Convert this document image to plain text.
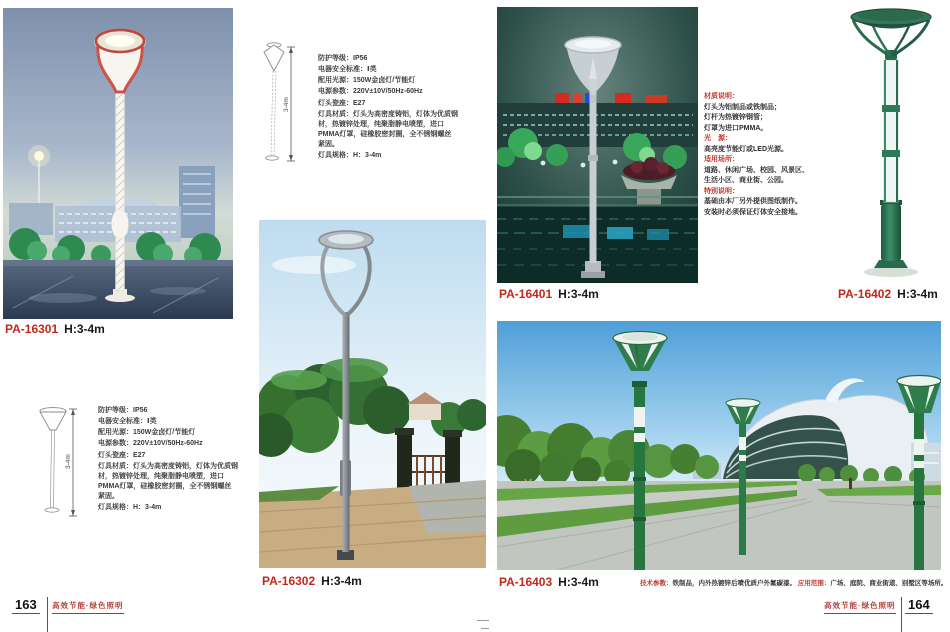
PA-16301 H:3-4m
3-4m
防护等级：IP56
电器安全标准：Ⅰ类
配用光源：150W金卤灯/节能灯
电源参数：220V±10V/50Hz-60Hz
灯头瓷座：E27
灯具材质：灯头为高密度铸铝，灯体为优质钢材，热镀锌处理，纯聚脂静电喷塑，进口PMMA灯罩，硅橡胶密封圈，全不锈钢螺丝紧固。
灯具规格：H：3-4m
3-4m
防护等级：IP56
电器安全标准：Ⅰ类
配用光源：150W金卤灯/节能灯
电源参数：220V±10V/50Hz-60Hz
灯头瓷座：E27
灯具材质：灯头为高密度铸铝，灯体为优质钢材，热镀锌处理，纯聚脂静电喷塑，进口PMMA灯罩，硅橡胶密封圈，全不锈钢螺丝紧固。
灯具规格：H：3-4m
PA-16302 H:3-4m
PA-16401 H:3-4m
材质说明：
灯头为铝制品或铁制品；
灯杆为热镀锌钢管；
灯罩为进口PMMA。
光　源：
高亮度节能灯或LED光源。
适用场所：
道路、休闲广场、校园、风景区、
生活小区、商业街、公园。
特别说明：
基础由本厂另外提供图纸制作。
安装时必须保证灯体安全接地。
PA-16402 H:3-4m
PA-16403 H:3-4m	技术参数：铁制品，内外热镀锌后喷优质户外氟碳漆。 应用范围：广场、庭院、商业街道、别墅区等场所。
163	高效节能·绿色照明	高效节能·绿色照明 164
